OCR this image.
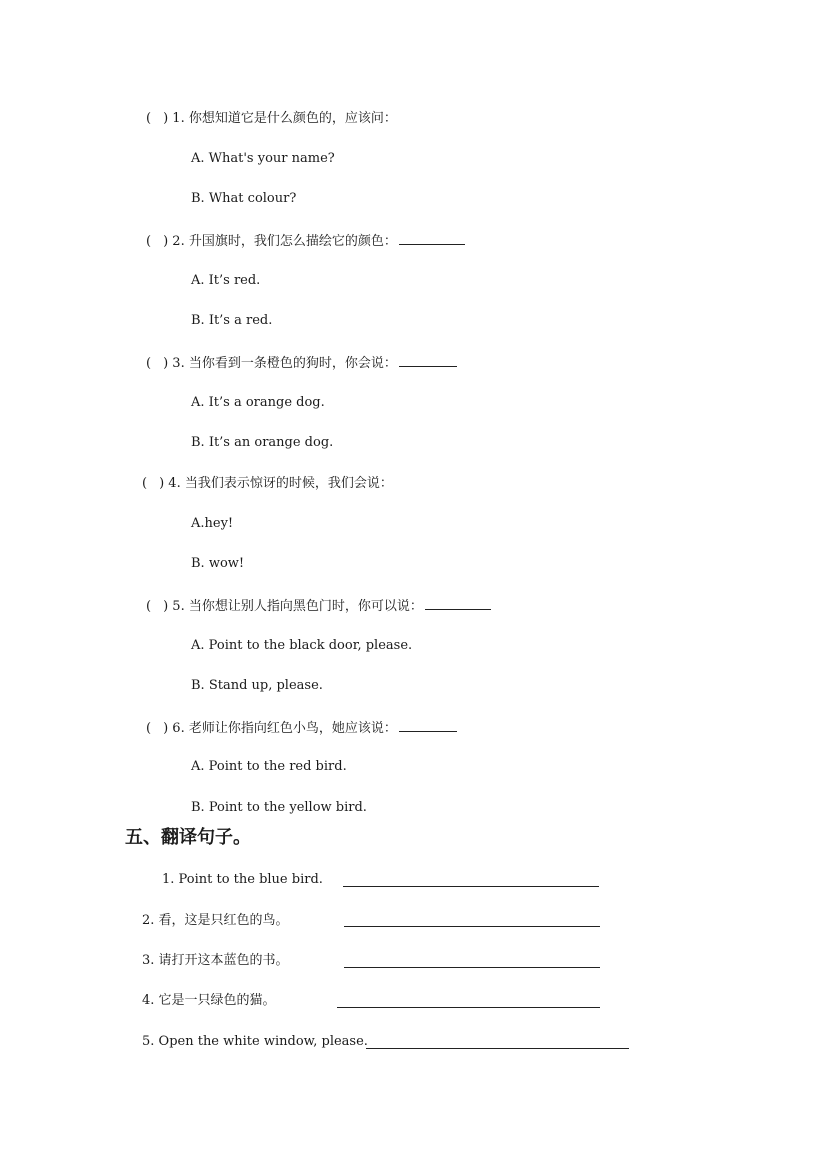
( ) 1. 你想知道它是什么颜色的，应该问：
A. What's your name?
B. What colour?
( ) 2. 升国旗时，我们怎么描绘它的颜色：
A. It’s red.
B. It’s a red.
( ) 3. 当你看到一条橙色的狗时，你会说：
A. It’s a orange dog.
B. It’s an orange dog.
( ) 4. 当我们表示惊讶的时候，我们会说：
A.hey!
B. wow!
( ) 5. 当你想让别人指向黑色门时，你可以说：
A. Point to the black door, please.
B. Stand up, please.
( ) 6. 老师让你指向红色小鸟，她应该说：
A. Point to the red bird.
B. Point to the yellow bird.
五、翻译句子。
1. Point to the blue bird.
2. 看，这是只红色的鸟。
3. 请打开这本蓝色的书。
4. 它是一只绿色的猫。
5. Open the white window, please.
